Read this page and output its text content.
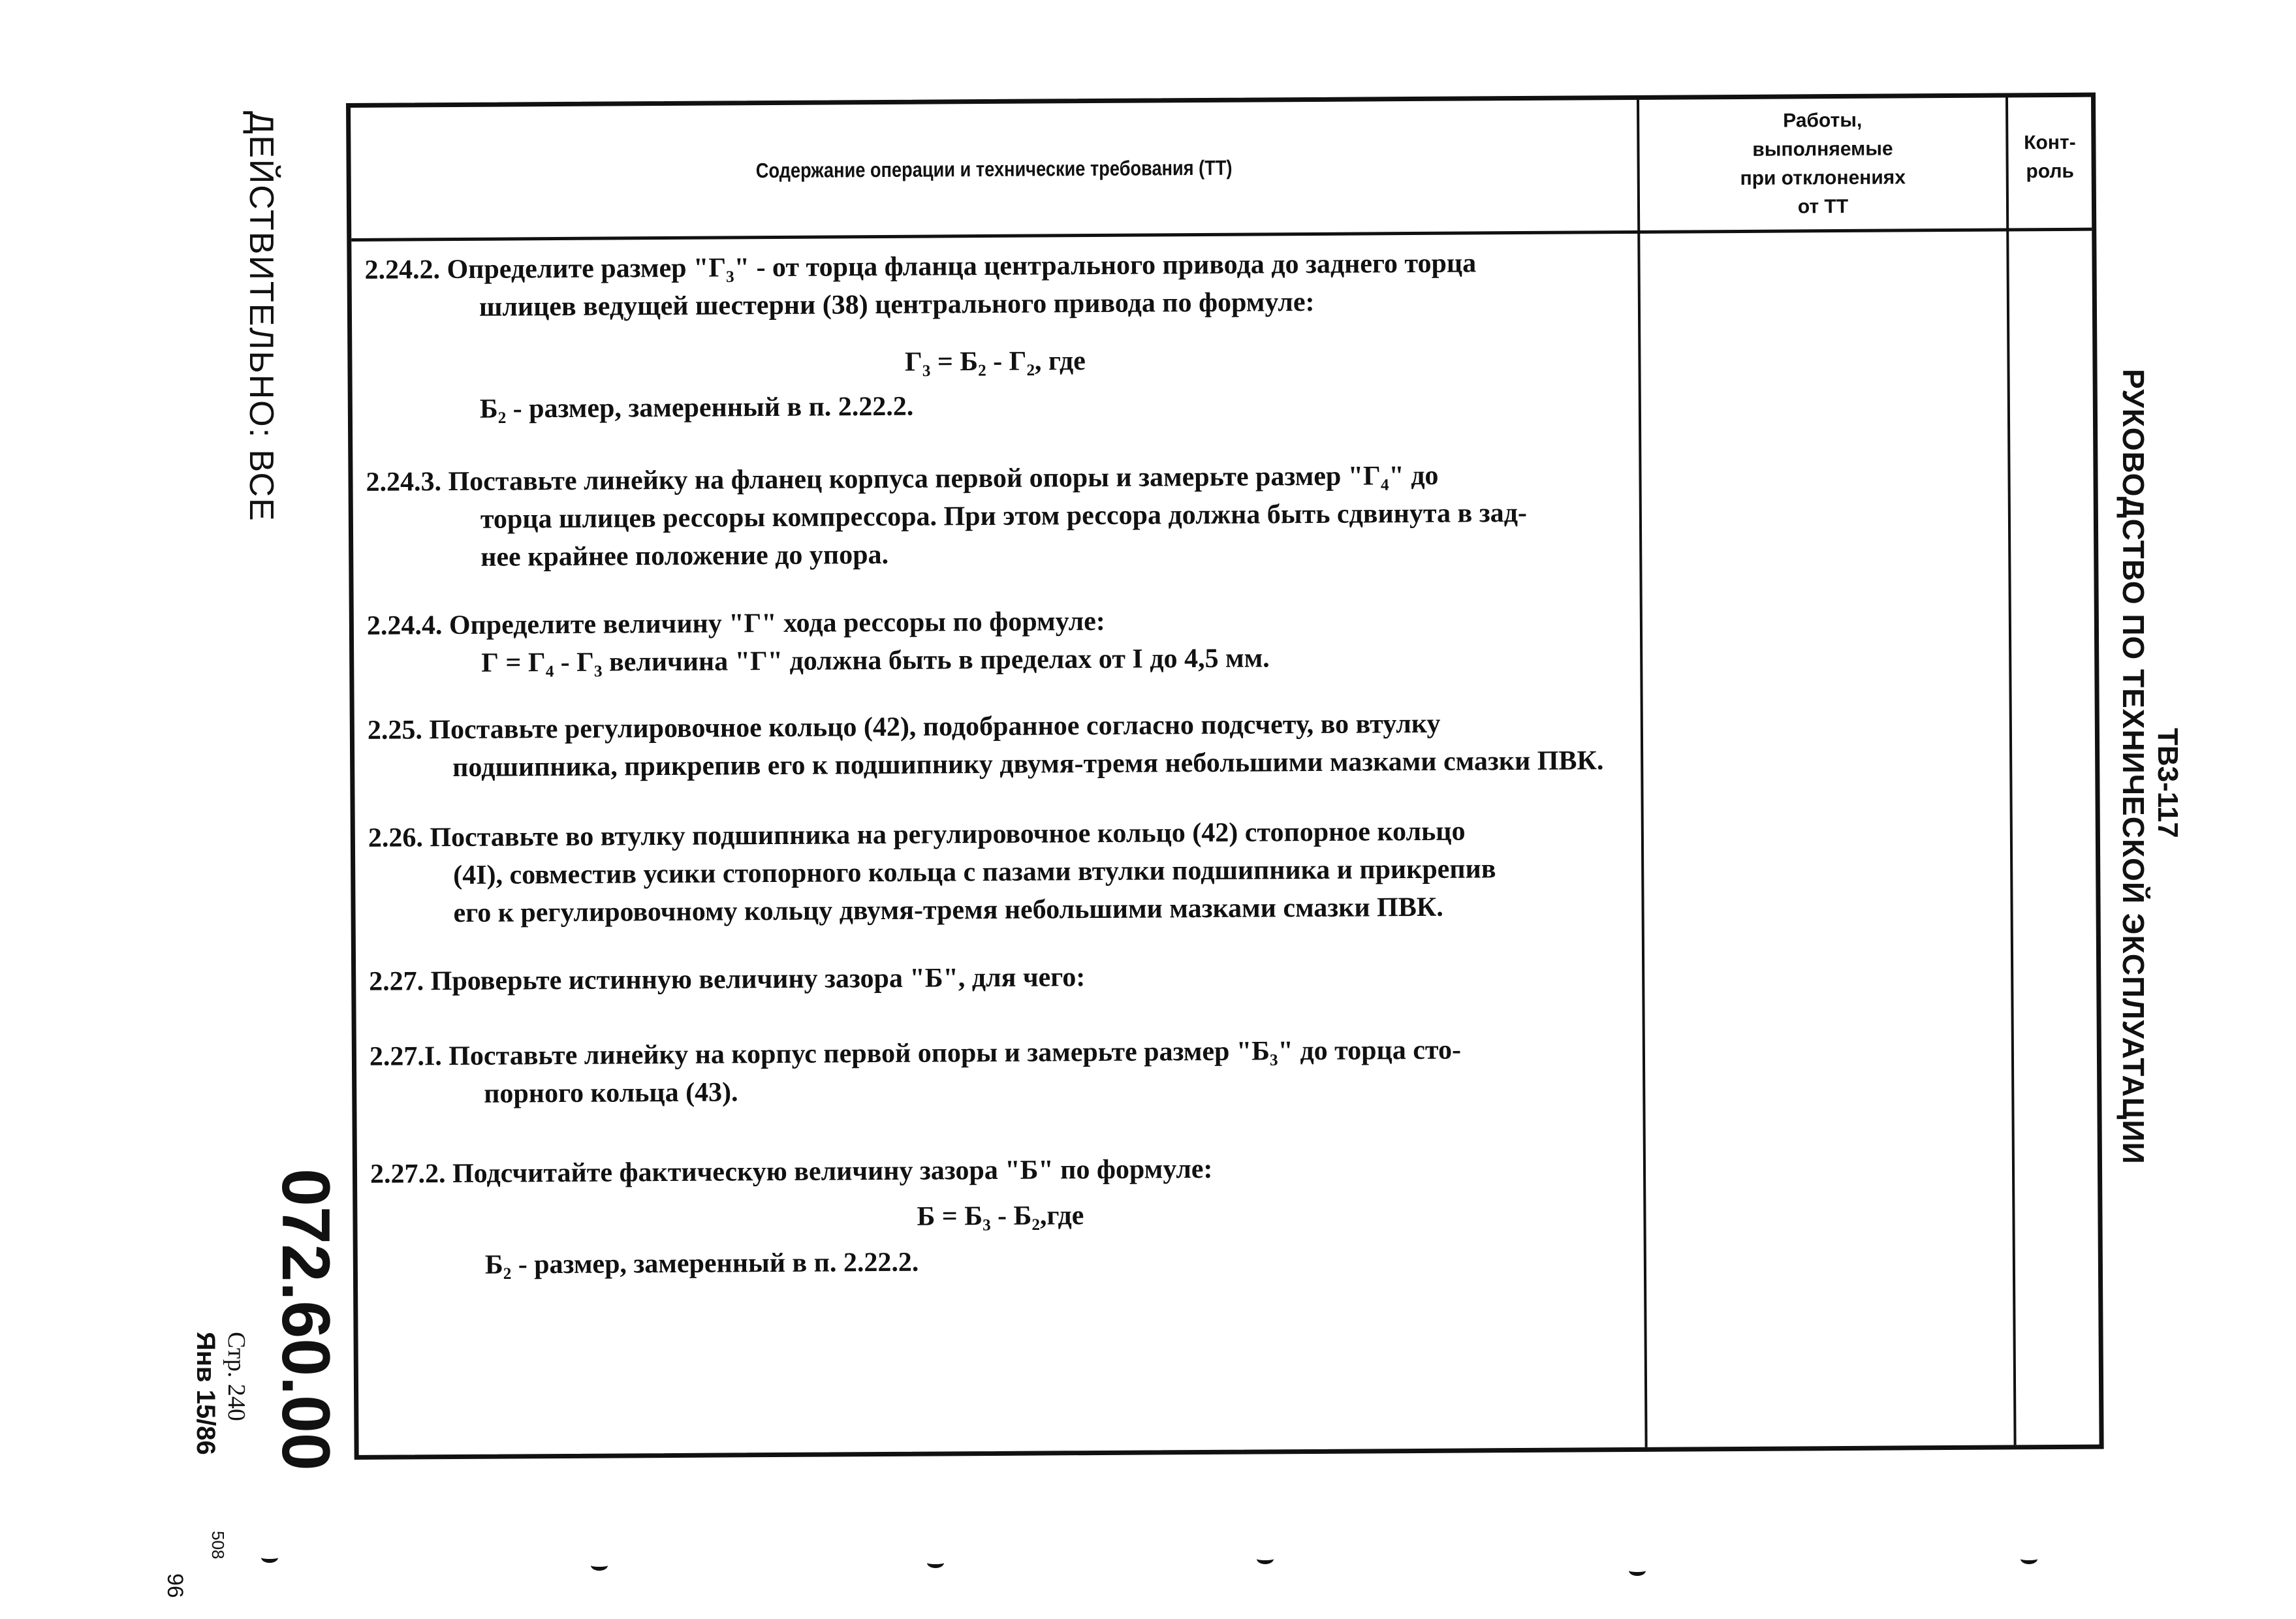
Содержание операции и технические требования (ТТ)
Работы,
выполняемые
при отклонениях
от ТТ
Конт-
роль
2.24.2. Определите размер "Г₃" - от торца фланца центрального привода до заднего торца
шлицев ведущей шестерни (38) центрального привода по формуле:
Г₃ = Б₂ - Г₂, где
Б₂ - размер, замеренный в п. 2.22.2.
2.24.3. Поставьте линейку на фланец корпуса первой опоры и замерьте размер "Г₄" до
торца шлицев рессоры компрессора. При этом рессора должна быть сдвинута в зад-
нее крайнее положение до упора.
2.24.4. Определите величину "Г" хода рессоры по формуле:
Г = Г₄ - Г₃ величина "Г" должна быть в пределах от I до 4,5 мм.
2.25. Поставьте регулировочное кольцо (42), подобранное согласно подсчету, во втулку
подшипника, прикрепив его к подшипнику двумя-тремя небольшими мазками смазки ПВК.
2.26. Поставьте во втулку подшипника на регулировочное кольцо (42) стопорное кольцо
(4I), совместив усики стопорного кольца с пазами втулки подшипника и прикрепив
его к регулировочному кольцу двумя-тремя небольшими мазками смазки ПВК.
2.27. Проверьте истинную величину зазора "Б", для чего:
2.27.I. Поставьте линейку на корпус первой опоры и замерьте размер "Б₃" до торца сто-
порного кольца (43).
2.27.2. Подсчитайте фактическую величину зазора "Б" по формуле:
Б = Б₃ - Б₂,где
Б₂ - размер, замеренный в п. 2.22.2.
ДЕЙСТВИТЕЛЬНО: ВСЕ
072.60.00
Стр. 240
Янв 15/86
508
96
РУКОВОДСТВО ПО ТЕХНИЧЕСКОЙ ЭКСПЛУАТАЦИИ ТВ3-117
